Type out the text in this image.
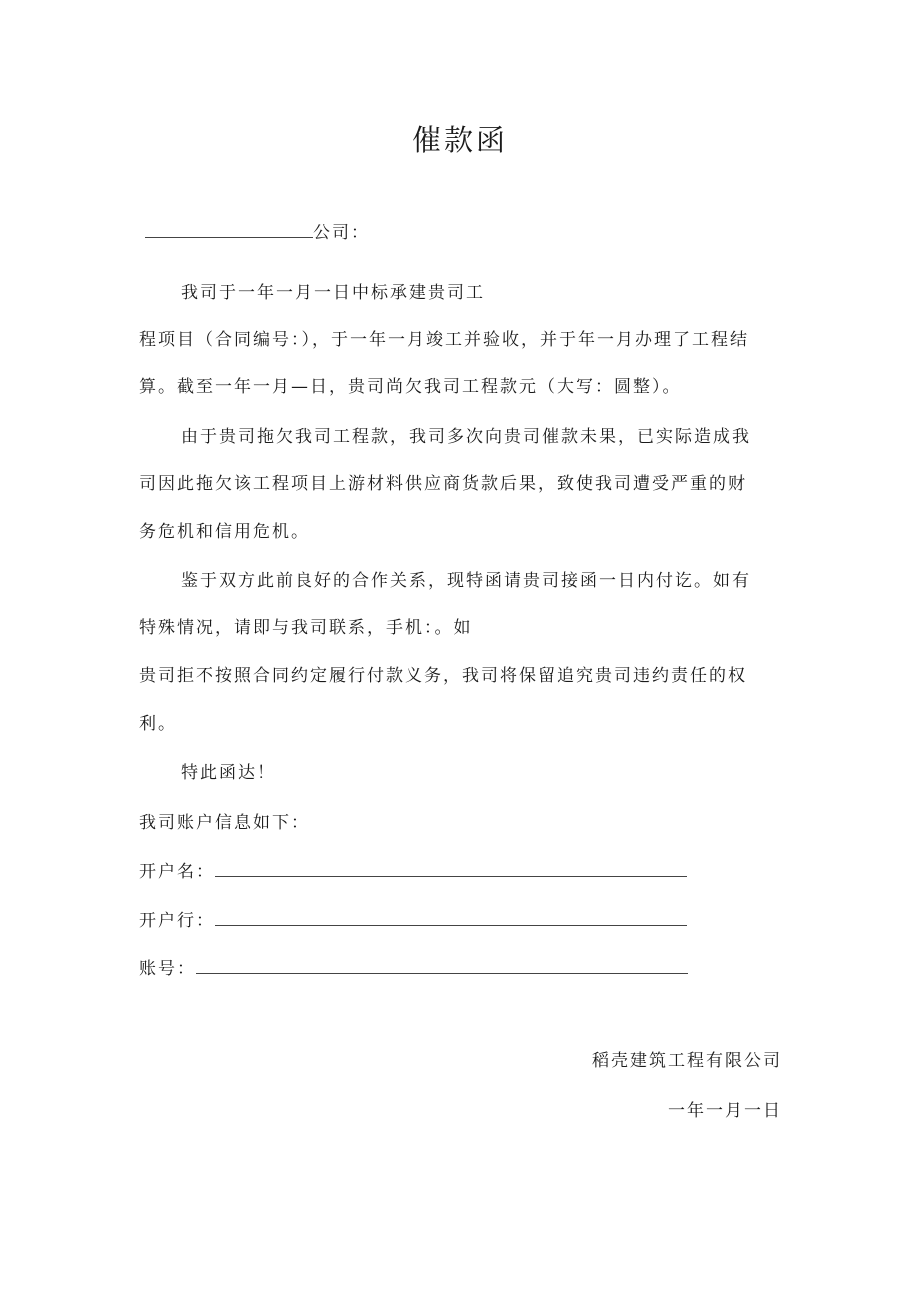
催款函
公司：
我司于一年一月一日中标承建贵司工
程项目（合同编号：），于一年一月竣工并验收，并于年一月办理了工程结
算。截至一年一月—日，贵司尚欠我司工程款元（大写：圆整）。
由于贵司拖欠我司工程款，我司多次向贵司催款未果，已实际造成我
司因此拖欠该工程项目上游材料供应商货款后果，致使我司遭受严重的财
务危机和信用危机。
鉴于双方此前良好的合作关系，现特函请贵司接函一日内付讫。如有
特殊情况，请即与我司联系，手机：。如
贵司拒不按照合同约定履行付款义务，我司将保留追究贵司违约责任的权
利。
特此函达！
我司账户信息如下：
开户名：
开户行：
账号：
稻壳建筑工程有限公司
一年一月一日
